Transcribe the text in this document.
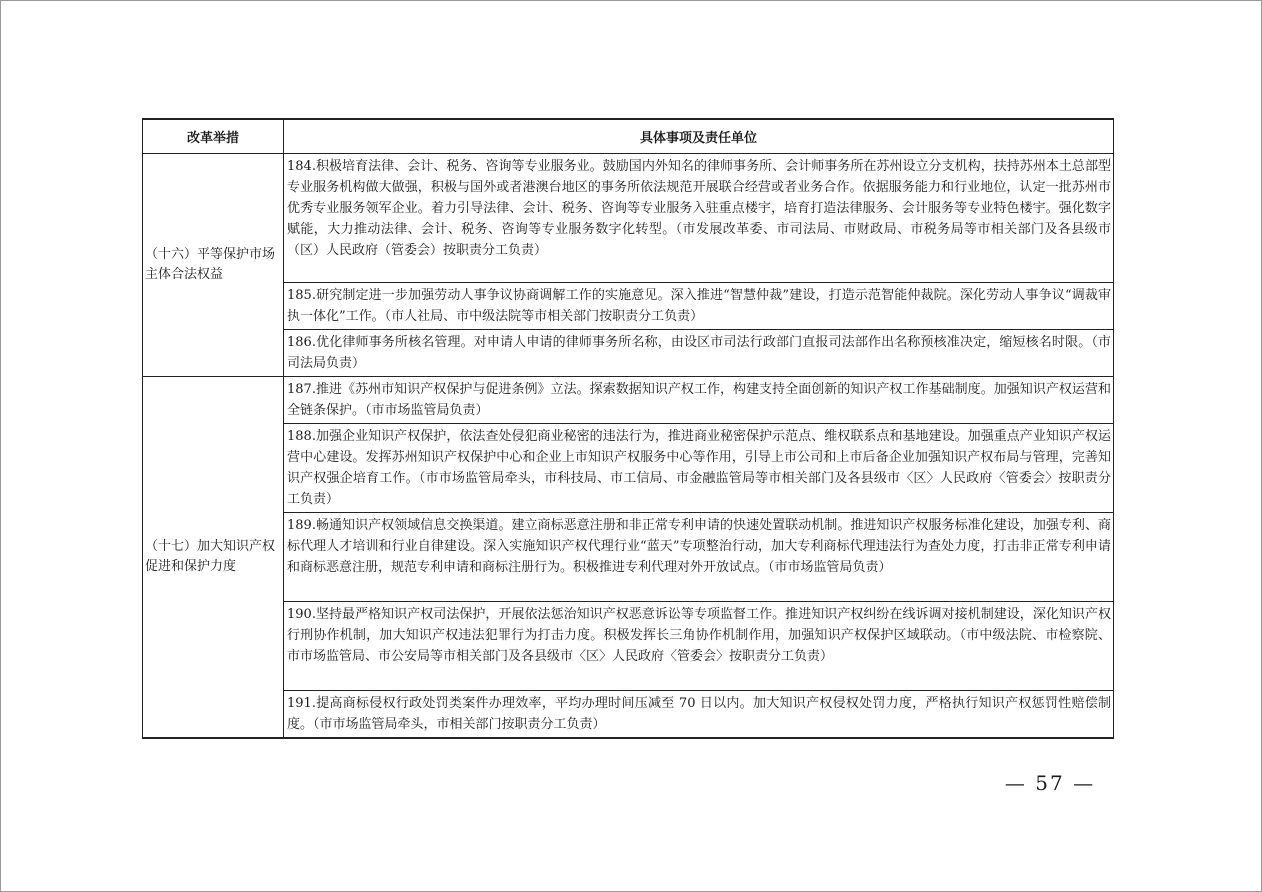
改革举措	具体事项及责任单位
（十六）平等保护市场主体合法权益	184.积极培育法律、会计、税务、咨询等专业服务业。鼓励国内外知名的律师事务所、会计师事务所在苏州设立分支机构，扶持苏州本土总部型专业服务机构做大做强，积极与国外或者港澳台地区的事务所依法规范开展联合经营或者业务合作。依据服务能力和行业地位，认定一批苏州市优秀专业服务领军企业。着力引导法律、会计、税务、咨询等专业服务入驻重点楼宇，培育打造法律服务、会计服务等专业特色楼宇。强化数字赋能，大力推动法律、会计、税务、咨询等专业服务数字化转型。（市发展改革委、市司法局、市财政局、市税务局等市相关部门及各县级市（区）人民政府（管委会）按职责分工负责）
	185.研究制定进一步加强劳动人事争议协商调解工作的实施意见。深入推进“智慧仲裁”建设，打造示范智能仲裁院。深化劳动人事争议“调裁审执一体化”工作。（市人社局、市中级法院等市相关部门按职责分工负责）
	186.优化律师事务所核名管理。对申请人申请的律师事务所名称，由设区市司法行政部门直报司法部作出名称预核准决定，缩短核名时限。（市司法局负责）
（十七）加大知识产权促进和保护力度	187.推进《苏州市知识产权保护与促进条例》立法。探索数据知识产权工作，构建支持全面创新的知识产权工作基础制度。加强知识产权运营和全链条保护。（市市场监管局负责）
	188.加强企业知识产权保护，依法查处侵犯商业秘密的违法行为，推进商业秘密保护示范点、维权联系点和基地建设。加强重点产业知识产权运营中心建设。发挥苏州知识产权保护中心和企业上市知识产权服务中心等作用，引导上市公司和上市后备企业加强知识产权布局与管理，完善知识产权强企培育工作。（市市场监管局牵头，市科技局、市工信局、市金融监管局等市相关部门及各县级市〈区〉人民政府〈管委会〉按职责分工负责）
	189.畅通知识产权领域信息交换渠道。建立商标恶意注册和非正常专利申请的快速处置联动机制。推进知识产权服务标准化建设，加强专利、商标代理人才培训和行业自律建设。深入实施知识产权代理行业“蓝天”专项整治行动，加大专利商标代理违法行为查处力度，打击非正常专利申请和商标恶意注册，规范专利申请和商标注册行为。积极推进专利代理对外开放试点。（市市场监管局负责）
	190.坚持最严格知识产权司法保护，开展依法惩治知识产权恶意诉讼等专项监督工作。推进知识产权纠纷在线诉调对接机制建设，深化知识产权行刑协作机制，加大知识产权违法犯罪行为打击力度。积极发挥长三角协作机制作用，加强知识产权保护区域联动。（市中级法院、市检察院、市市场监管局、市公安局等市相关部门及各县级市〈区〉人民政府〈管委会〉按职责分工负责）
	191.提高商标侵权行政处罚类案件办理效率，平均办理时间压减至 70 日以内。加大知识产权侵权处罚力度，严格执行知识产权惩罚性赔偿制度。（市市场监管局牵头，市相关部门按职责分工负责）
— 57 —
